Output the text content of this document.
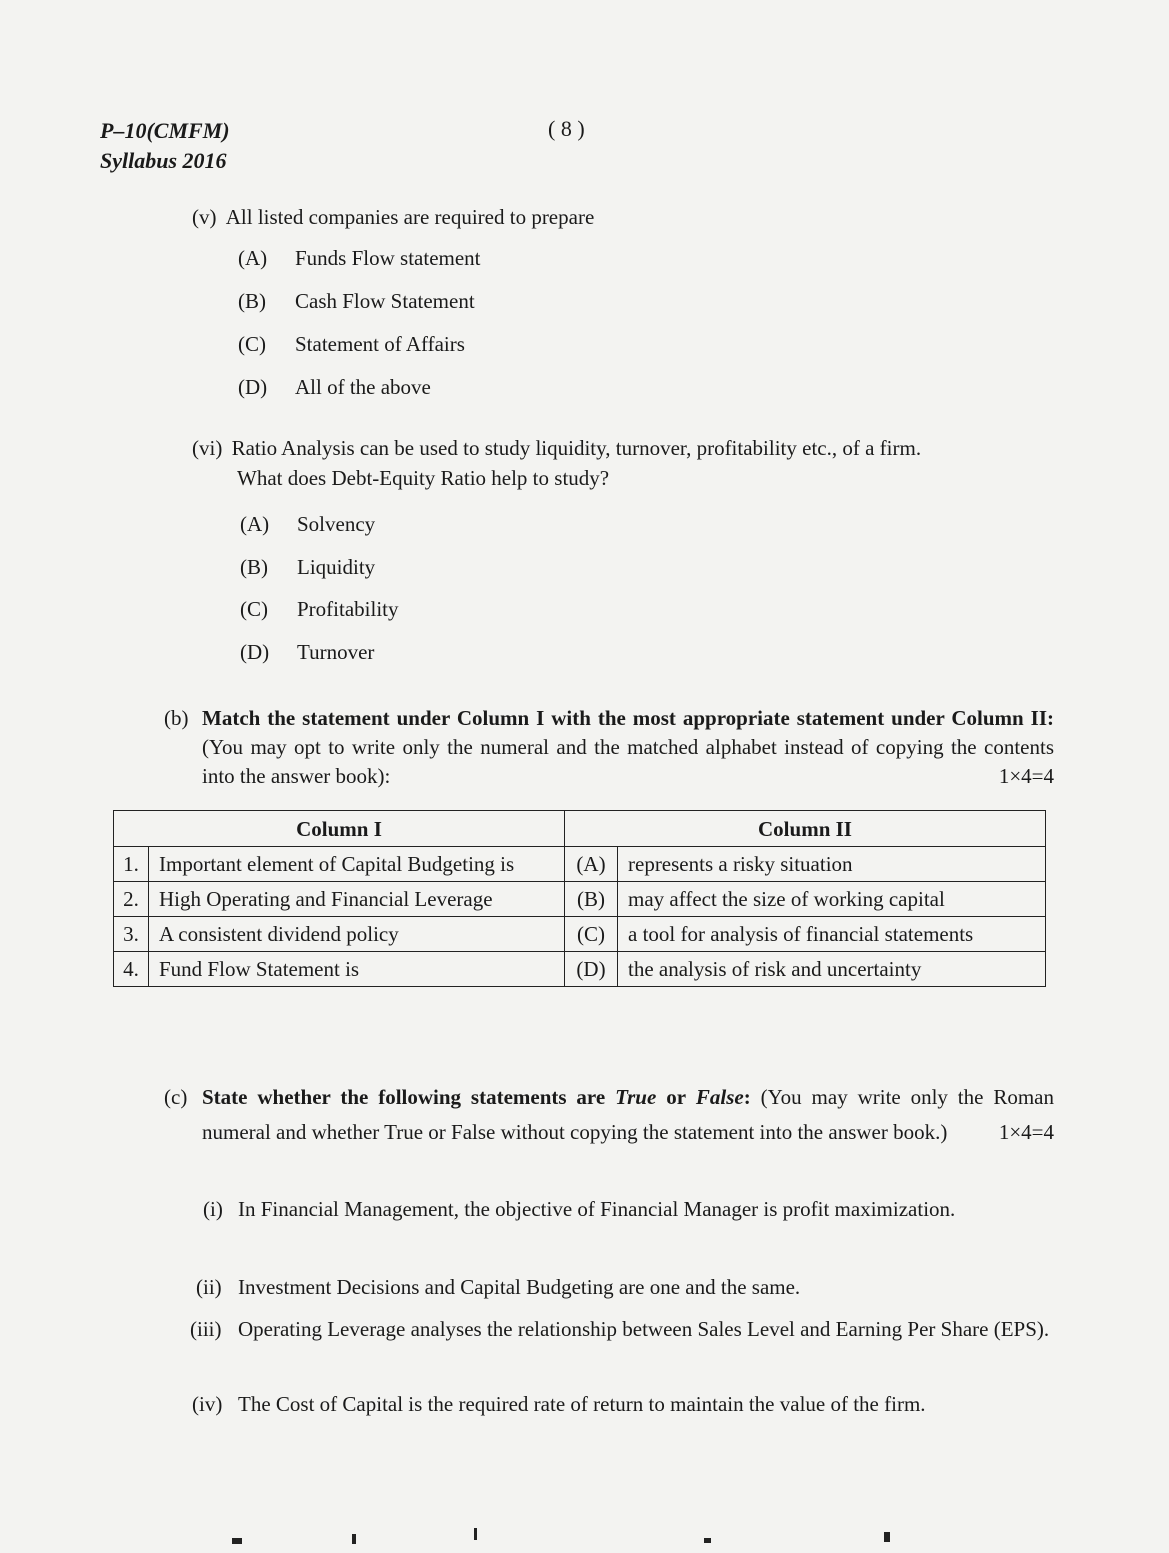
P–10(CMFM)
Syllabus 2016
( 8 )
(v) All listed companies are required to prepare
(A) Funds Flow statement
(B) Cash Flow Statement
(C) Statement of Affairs
(D) All of the above
(vi) Ratio Analysis can be used to study liquidity, turnover, profitability etc., of a firm.
What does Debt-Equity Ratio help to study?
(A) Solvency
(B) Liquidity
(C) Profitability
(D) Turnover
(b) Match the statement under Column I with the most appropriate statement under Column II: (You may opt to write only the numeral and the matched alphabet instead of copying the contents into the answer book):	1×4=4
Column I		Column II	
1.	Important element of Capital Budgeting is	(A)	represents a risky situation
2.	High Operating and Financial Leverage	(B)	may affect the size of working capital
3.	A consistent dividend policy	(C)	a tool for analysis of financial statements
4.	Fund Flow Statement is	(D)	the analysis of risk and uncertainty
(c) State whether the following statements are True or False: (You may write only the Roman numeral and whether True or False without copying the statement into the answer book.) 1×4=4
(i) In Financial Management, the objective of Financial Manager is profit maximization.
(ii) Investment Decisions and Capital Budgeting are one and the same.
(iii) Operating Leverage analyses the relationship between Sales Level and Earning Per Share (EPS).
(iv) The Cost of Capital is the required rate of return to maintain the value of the firm.
